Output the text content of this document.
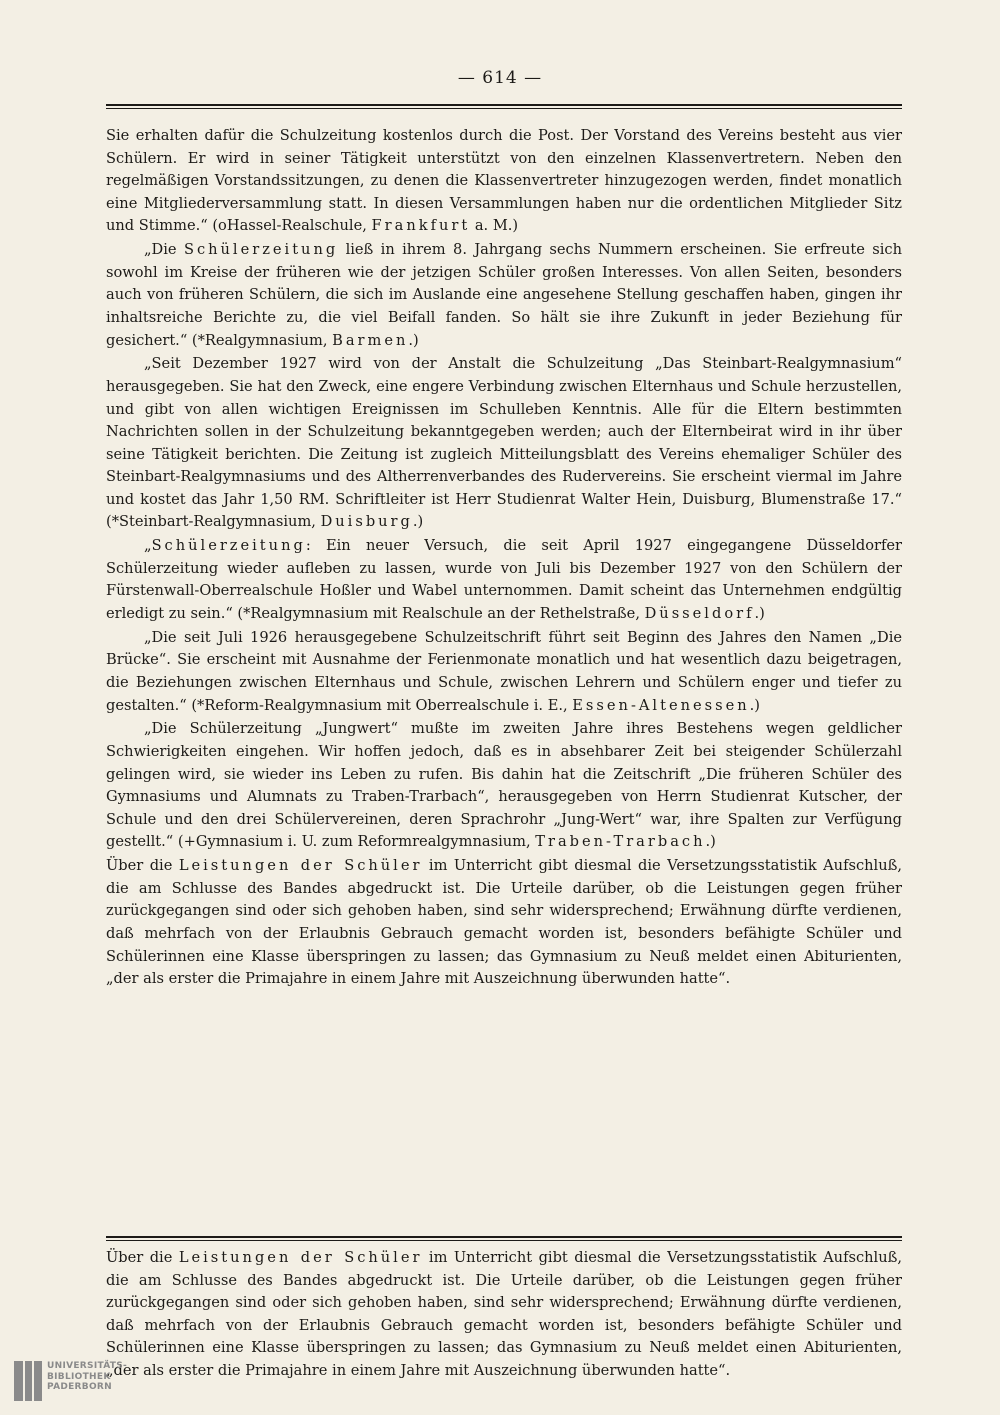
— 614 —

Sie erhalten dafür die Schulzeitung kostenlos durch die Post. Der Vorstand des Vereins besteht aus vier Schülern. Er wird in seiner Tätigkeit unterstützt von den einzelnen Klassenvertretern. Neben den regelmäßigen Vorstandssitzungen, zu denen die Klassenvertreter hinzugezogen werden, findet monatlich eine Mitgliederversammlung statt. In diesen Versammlungen haben nur die ordentlichen Mitglieder Sitz und Stimme.“ (oHassel-Realschule, Frankfurt a. M.)

„Die Schülerzeitung ließ in ihrem 8. Jahrgang sechs Nummern erscheinen. Sie erfreute sich sowohl im Kreise der früheren wie der jetzigen Schüler großen Interesses. Von allen Seiten, besonders auch von früheren Schülern, die sich im Auslande eine angesehene Stellung geschaffen haben, gingen ihr inhaltsreiche Berichte zu, die viel Beifall fanden. So hält sie ihre Zukunft in jeder Beziehung für gesichert.“ (*Realgymnasium, Barmen.)

„Seit Dezember 1927 wird von der Anstalt die Schulzeitung „Das Steinbart-Realgymnasium“ herausgegeben. Sie hat den Zweck, eine engere Verbindung zwischen Elternhaus und Schule herzustellen, und gibt von allen wichtigen Ereignissen im Schulleben Kenntnis. Alle für die Eltern bestimmten Nachrichten sollen in der Schulzeitung bekanntgegeben werden; auch der Elternbeirat wird in ihr über seine Tätigkeit berichten. Die Zeitung ist zugleich Mitteilungsblatt des Vereins ehemaliger Schüler des Steinbart-Realgymnasiums und des Altherrenverbandes des Rudervereins. Sie erscheint viermal im Jahre und kostet das Jahr 1,50 RM. Schriftleiter ist Herr Studienrat Walter Hein, Duisburg, Blumenstraße 17.“ (*Steinbart-Realgymnasium, Duisburg.)

„Schülerzeitung: Ein neuer Versuch, die seit April 1927 eingegangene Düsseldorfer Schülerzeitung wieder aufleben zu lassen, wurde von Juli bis Dezember 1927 von den Schülern der Fürstenwall-Oberrealschule Hoßler und Wabel unternommen. Damit scheint das Unternehmen endgültig erledigt zu sein.“ (*Realgymnasium mit Realschule an der Rethelstraße, Düsseldorf.)

„Die seit Juli 1926 herausgegebene Schulzeitschrift führt seit Beginn des Jahres den Namen „Die Brücke“. Sie erscheint mit Ausnahme der Ferienmonate monatlich und hat wesentlich dazu beigetragen, die Beziehungen zwischen Elternhaus und Schule, zwischen Lehrern und Schülern enger und tiefer zu gestalten.“ (*Reform-Realgymnasium mit Oberrealschule i. E., Essen-Altenessen.)

„Die Schülerzeitung „Jungwert“ mußte im zweiten Jahre ihres Bestehens wegen geldlicher Schwierigkeiten eingehen. Wir hoffen jedoch, daß es in absehbarer Zeit bei steigender Schülerzahl gelingen wird, sie wieder ins Leben zu rufen. Bis dahin hat die Zeitschrift „Die früheren Schüler des Gymnasiums und Alumnats zu Traben-Trarbach“, herausgegeben von Herrn Studienrat Kutscher, der Schule und den drei Schülervereinen, deren Sprachrohr „Jung-Wert“ war, ihre Spalten zur Verfügung gestellt.“ (+Gymnasium i. U. zum Reformrealgymnasium, Traben-Trarbach.)

Über die Leistungen der Schüler im Unterricht gibt diesmal die Versetzungsstatistik Aufschluß, die am Schlusse des Bandes abgedruckt ist. Die Urteile darüber, ob die Leistungen gegen früher zurückgegangen sind oder sich gehoben haben, sind sehr widersprechend; Erwähnung dürfte verdienen, daß mehrfach von der Erlaubnis Gebrauch gemacht worden ist, besonders befähigte Schüler und Schülerinnen eine Klasse überspringen zu lassen; das Gymnasium zu Neuß meldet einen Abiturienten, „der als erster die Primajahre in einem Jahre mit Auszeichnung überwunden hatte“.

Über die Leistungen der Schüler im Unterricht gibt diesmal die Versetzungsstatistik Aufschluß, die am Schlusse des Bandes abgedruckt ist. Die Urteile darüber, ob die Leistungen gegen früher zurückgegangen sind oder sich gehoben haben, sind sehr widersprechend; Erwähnung dürfte verdienen, daß mehrfach von der Erlaubnis Gebrauch gemacht worden ist, besonders befähigte Schüler und Schülerinnen eine Klasse überspringen zu lassen; das Gymnasium zu Neuß meldet einen Abiturienten, „der als erster die Primajahre in einem Jahre mit Auszeichnung überwunden hatte“.

UNIVERSITÄTS-
BIBLIOTHEK
PADERBORN
